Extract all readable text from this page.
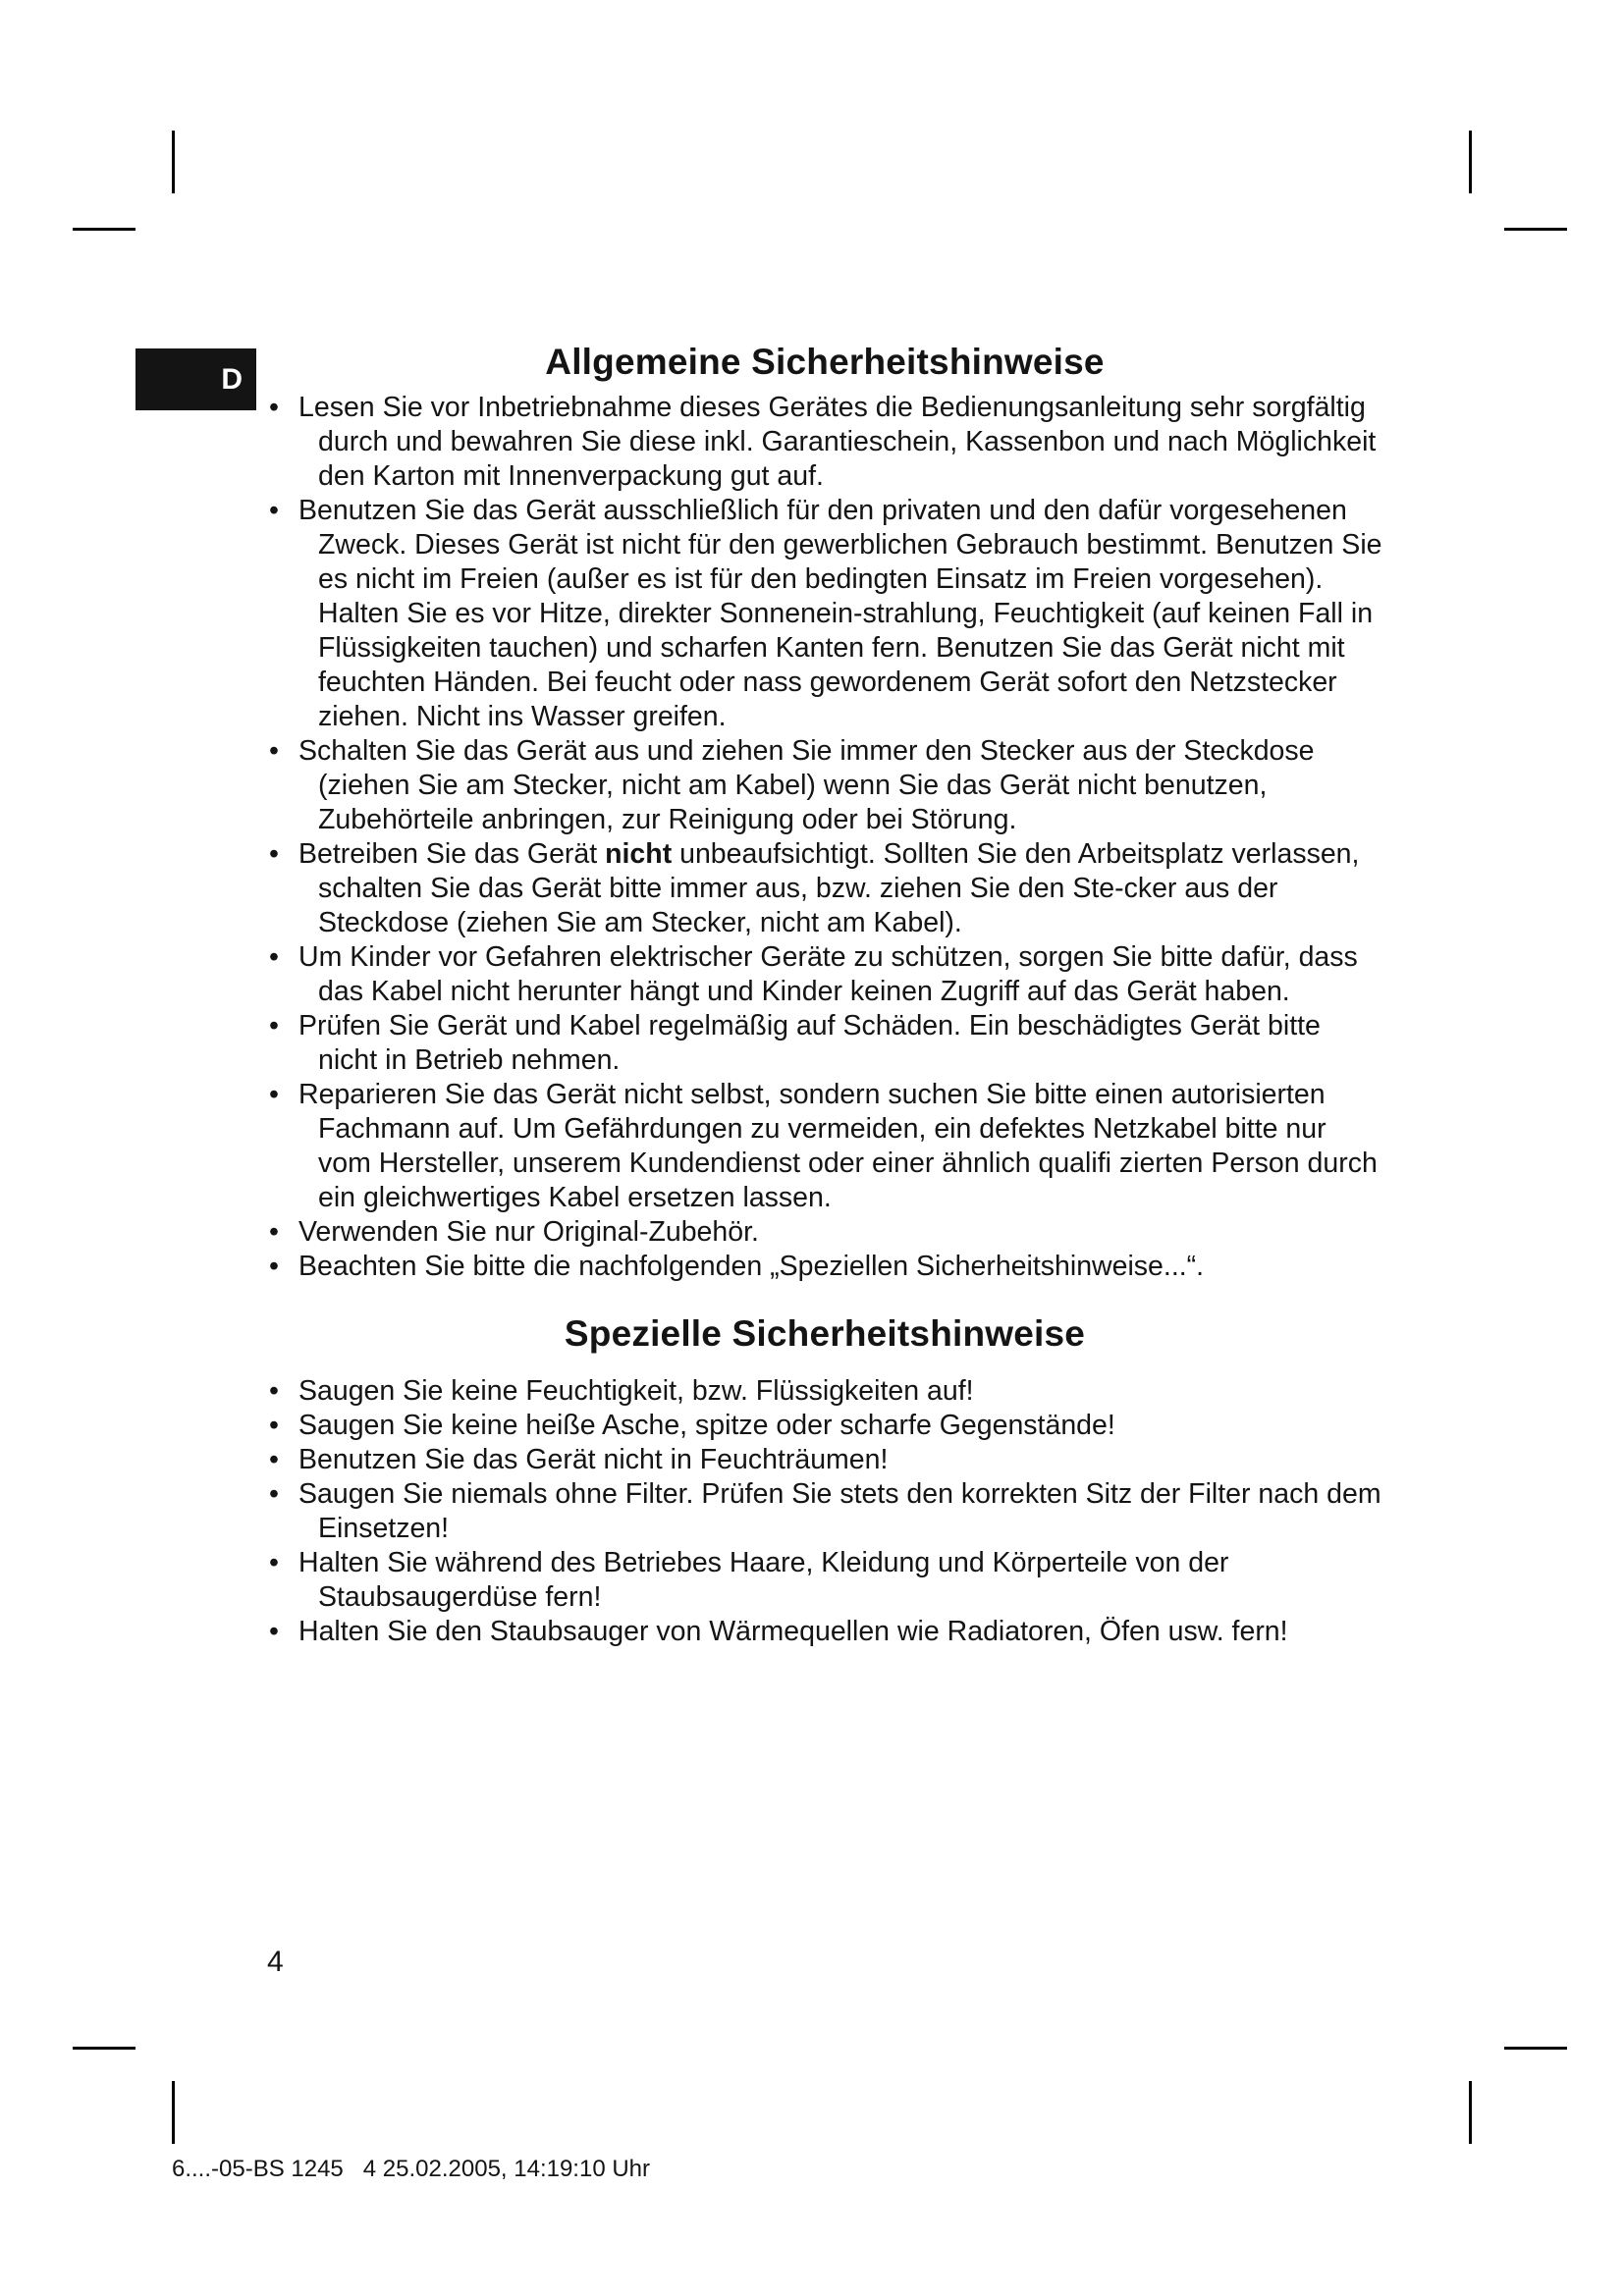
D	Allgemeine Sicherheitshinweise
• Lesen Sie vor Inbetriebnahme dieses Gerätes die Bedienungsanleitung sehr sorgfältig durch und bewahren Sie diese inkl. Garantieschein, Kassenbon und nach Möglichkeit den Karton mit Innenverpackung gut auf.
• Benutzen Sie das Gerät ausschließlich für den privaten und den dafür vorgesehenen Zweck. Dieses Gerät ist nicht für den gewerblichen Gebrauch bestimmt. Benutzen Sie es nicht im Freien (außer es ist für den bedingten Einsatz im Freien vorgesehen). Halten Sie es vor Hitze, direkter Sonnenein-strahlung, Feuchtigkeit (auf keinen Fall in Flüssigkeiten tauchen) und scharfen Kanten fern. Benutzen Sie das Gerät nicht mit feuchten Händen. Bei feucht oder nass gewordenem Gerät sofort den Netzstecker ziehen. Nicht ins Wasser greifen.
• Schalten Sie das Gerät aus und ziehen Sie immer den Stecker aus der Steckdose (ziehen Sie am Stecker, nicht am Kabel) wenn Sie das Gerät nicht benutzen, Zubehörteile anbringen, zur Reinigung oder bei Störung.
• Betreiben Sie das Gerät nicht unbeaufsichtigt. Sollten Sie den Arbeitsplatz verlassen, schalten Sie das Gerät bitte immer aus, bzw. ziehen Sie den Ste-cker aus der Steckdose (ziehen Sie am Stecker, nicht am Kabel).
• Um Kinder vor Gefahren elektrischer Geräte zu schützen, sorgen Sie bitte dafür, dass das Kabel nicht herunter hängt und Kinder keinen Zugriff auf das Gerät haben.
• Prüfen Sie Gerät und Kabel regelmäßig auf Schäden. Ein beschädigtes Gerät bitte nicht in Betrieb nehmen.
• Reparieren Sie das Gerät nicht selbst, sondern suchen Sie bitte einen autorisierten Fachmann auf. Um Gefährdungen zu vermeiden, ein defektes Netzkabel bitte nur vom Hersteller, unserem Kundendienst oder einer ähnlich qualifi zierten Person durch ein gleichwertiges Kabel ersetzen lassen.
• Verwenden Sie nur Original-Zubehör.
• Beachten Sie bitte die nachfolgenden „Speziellen Sicherheitshinweise...“.
Spezielle Sicherheitshinweise
• Saugen Sie keine Feuchtigkeit, bzw. Flüssigkeiten auf!
• Saugen Sie keine heiße Asche, spitze oder scharfe Gegenstände!
• Benutzen Sie das Gerät nicht in Feuchträumen!
• Saugen Sie niemals ohne Filter. Prüfen Sie stets den korrekten Sitz der Filter nach dem Einsetzen!
• Halten Sie während des Betriebes Haare, Kleidung und Körperteile von der Staubsaugerdüse fern!
• Halten Sie den Staubsauger von Wärmequellen wie Radiatoren, Öfen usw. fern!
4
6....-05-BS 1245   4 25.02.2005, 14:19:10 Uhr
